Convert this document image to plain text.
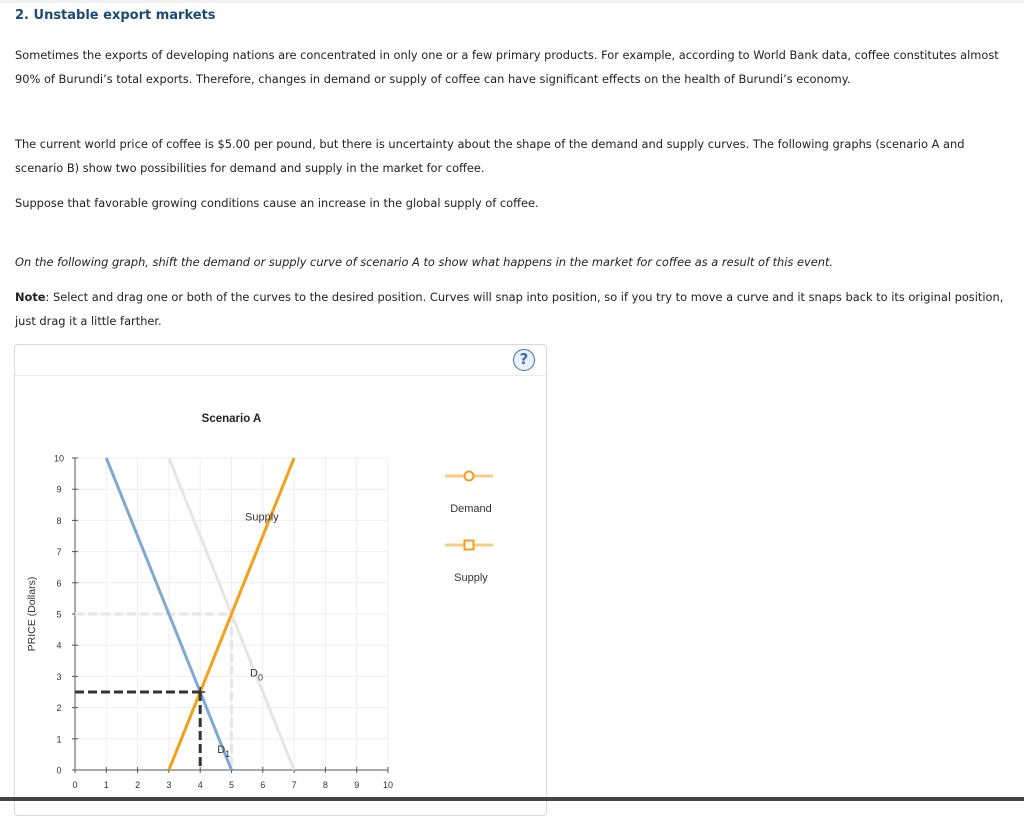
2. Unstable export markets

Sometimes the exports of developing nations are concentrated in only one or a few primary products. For example, according to World Bank data, coffee constitutes almost 90% of Burundi’s total exports. Therefore, changes in demand or supply of coffee can have significant effects on the health of Burundi’s economy.

The current world price of coffee is $5.00 per pound, but there is uncertainty about the shape of the demand and supply curves. The following graphs (scenario A and scenario B) show two possibilities for demand and supply in the market for coffee.

Suppose that favorable growing conditions cause an increase in the global supply of coffee.

On the following graph, shift the demand or supply curve of scenario A to show what happens in the market for coffee as a result of this event.

Note: Select and drag one or both of the curves to the desired position. Curves will snap into position, so if you try to move a curve and it snaps back to its original position, just drag it a little farther.

?
0
1
2
3
4
5
6
7
8
9
10
0	1	2	3	4	5	6	7	8	9	10
PRICE (Dollars)
Scenario A
Supply
$D_0$
$D_1$
Demand
Supply
